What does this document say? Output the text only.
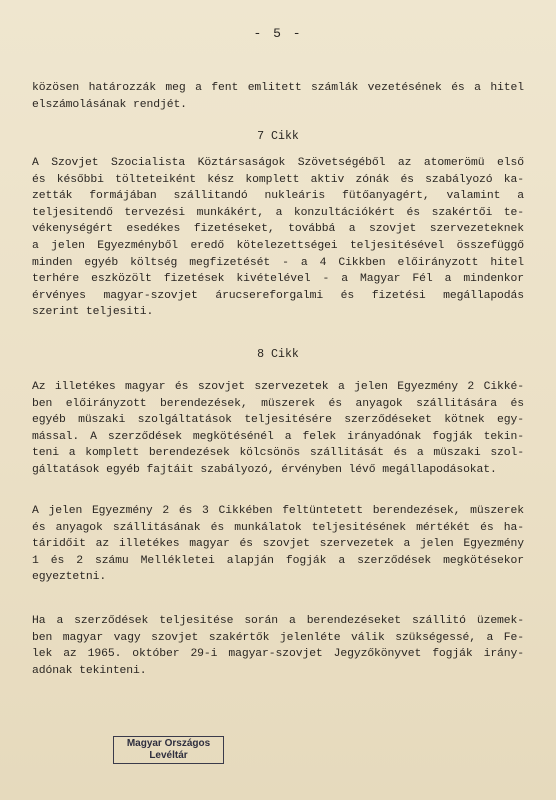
- 5 -
közösen határozzák meg a fent emlitett számlák vezetésének és a hitel
elszámolásának rendjét.
7 Cikk
A Szovjet Szocialista Köztársaságok Szövetségéből az atomerömü első
és későbbi tölteteiként kész komplett aktiv zónák és szabályozó ka-
zetták formájában szállitandó nukleáris fütőanyagért, valamint a
teljesitendő tervezési munkákért, a konzultációkért és szakértői te-
vékenységért esedékes fizetéseket, továbbá a szovjet szervezeteknek
a jelen Egyezményből eredő kötelezettségei teljesitésével összefüggő
minden egyéb költség megfizetését - a 4 Cikkben előirányzott hitel
terhére eszközölt fizetések kivételével - a Magyar Fél a mindenkor
érvényes magyar-szovjet árucsereforgalmi és fizetési megállapodás
szerint teljesiti.
8 Cikk
Az illetékes magyar és szovjet szervezetek a jelen Egyezmény 2 Cikké-
ben előirányzott berendezések, müszerek és anyagok szállitására és
egyéb müszaki szolgáltatások teljesitésére szerződéseket kötnek egy-
mással. A szerződések megkötésénél a felek irányadónak fogják tekin-
teni a komplett berendezések kölcsönös szállitását és a müszaki szol-
gáltatások egyéb fajtáit szabályozó, érvényben lévő megállapodásokat.
A jelen Egyezmény 2 és 3 Cikkében feltüntetett berendezések, müszerek
és anyagok szállitásának és munkálatok teljesitésének mértékét és ha-
táridőit az illetékes magyar és szovjet szervezetek a jelen Egyezmény
1 és 2 számu Mellékletei alapján fogják a szerződések megkötésekor
egyeztetni.
Ha a szerződések teljesitése során a berendezéseket szállitó üzemek-
ben magyar vagy szovjet szakértők jelenléte válik szükségessé, a Fe-
lek az 1965. október 29-i magyar-szovjet Jegyzőkönyvet fogják irány-
adónak tekinteni.
Magyar Országos
Levéltár
